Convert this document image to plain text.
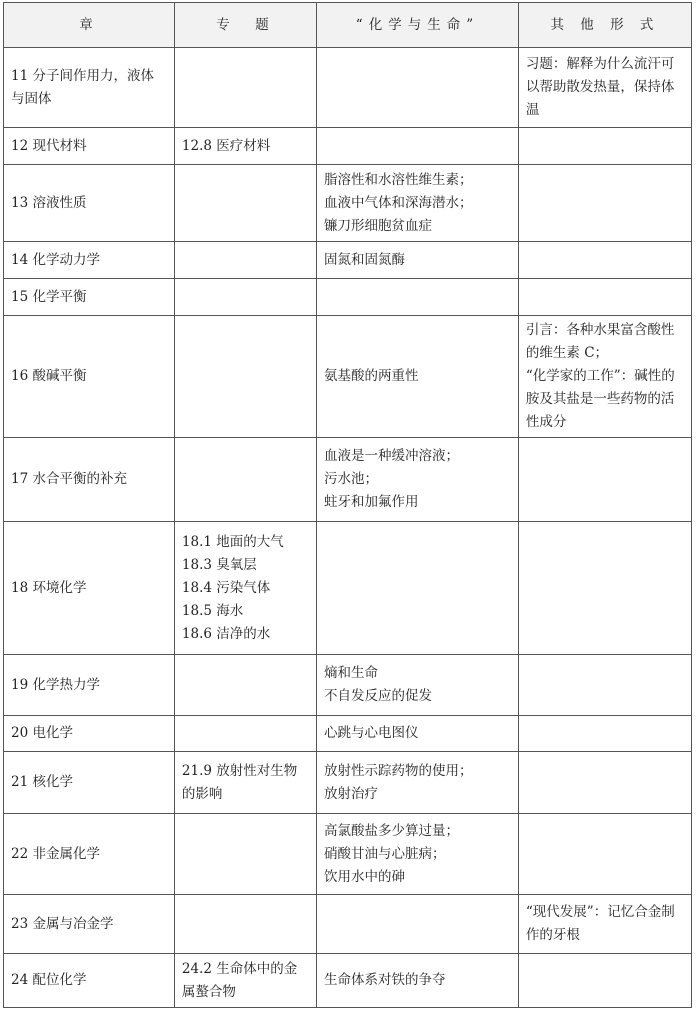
章	专　题	“化学与生命”	其 他 形 式
11 分子间作用力，液体与固体			习题：解释为什么流汗可以帮助散发热量，保持体温

12 现代材料	12.8 医疗材料		

13 溶液性质		脂溶性和水溶性维生素；
血液中气体和深海潜水；
镰刀形细胞贫血症	

14 化学动力学		固氮和固氮酶	

15 化学平衡			
16 酸碱平衡		氨基酸的两重性	引言：各种水果富含酸性的维生素 C；
“化学家的工作”：碱性的胺及其盐是一些药物的活性成分

17 水合平衡的补充		血液是一种缓冲溶液；
污水池；
蛀牙和加氟作用	

18 环境化学	18.1 地面的大气
18.3 臭氧层
18.4 污染气体
18.5 海水
18.6 洁净的水		

19 化学热力学		熵和生命
不自发反应的促发	

20 电化学		心跳与心电图仪	

21 核化学	21.9 放射性对生物的影响	放射性示踪药物的使用；
放射治疗	

22 非金属化学		高氯酸盐多少算过量；
硝酸甘油与心脏病；
饮用水中的砷	

23 金属与冶金学			“现代发展”：记忆合金制作的牙根

24 配位化学	24.2 生命体中的金属螯合物	生命体系对铁的争夺	
